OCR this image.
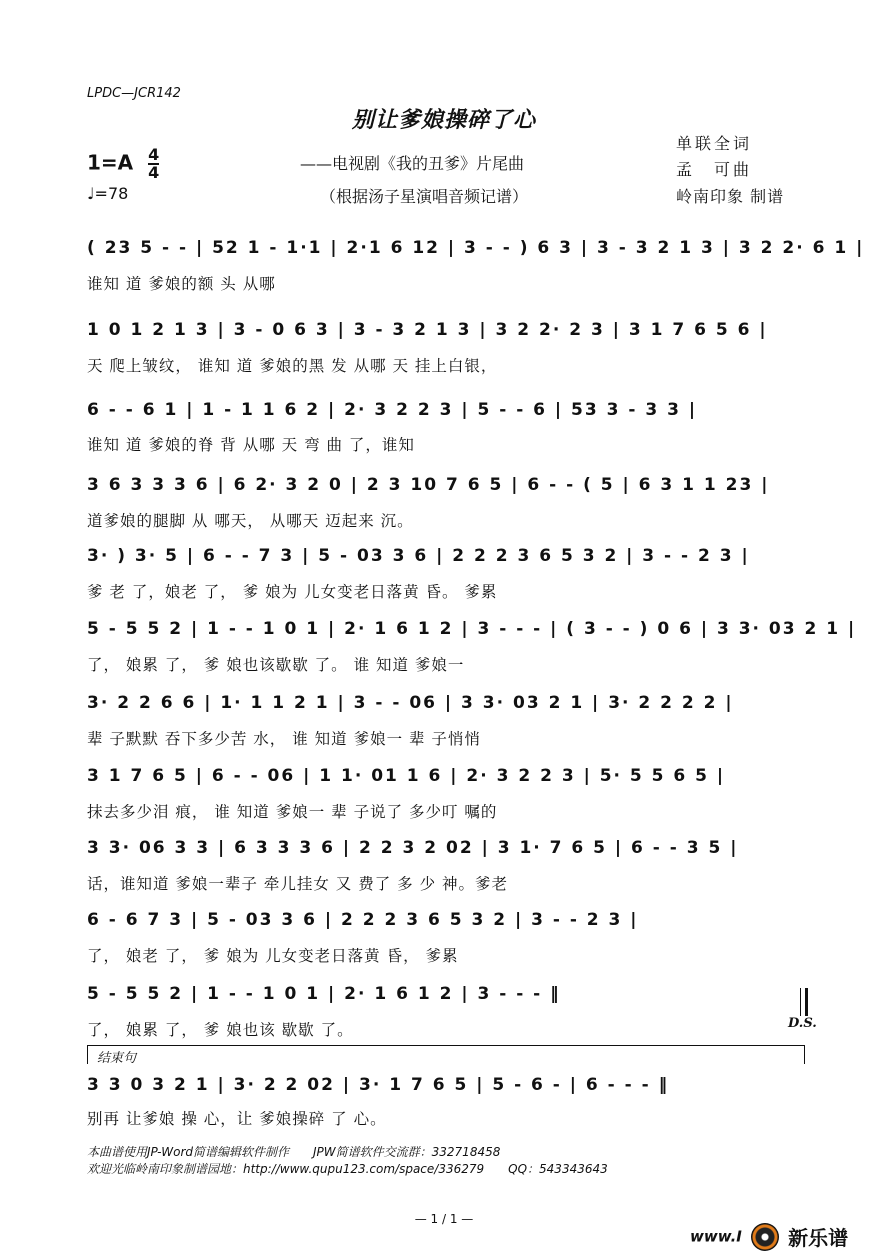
LPDC—JCR142
别让爹娘操碎了心
$1=A \frac{4}{4}$	——电视剧《我的丑爹》片尾曲
♩=78	（根据汤子星演唱音频记谱）
单联全词
孟　可曲
岭南印象 制谱
( 23 5 - - | 52 1 - 1·1 | 2·1 6 12 | 3 - - ) 6 3 | 3 - 3 2 1 3 | 3 2 2· 6 1 |
谁知 道 爹娘的额 头 从哪
1 0 1 2 1 3 | 3 - 0 6 3 | 3 - 3 2 1 3 | 3 2 2· 2 3 | 3 1 7 6 5 6 |
天 爬上皱纹， 谁知 道 爹娘的黑 发 从哪 天 挂上白银，
6 - - 6 1 | 1 - 1 1 6 2 | 2· 3 2 2 3 | 5 - - 6 | 53 3 - 3 3 |
谁知 道 爹娘的脊 背 从哪 天 弯 曲 了，谁知
3 6 3 3 3 6 | 6 2· 3 2 0 | 2 3 10 7 6 5 | 6 - - ( 5 | 6 3 1 1 23 |
道爹娘的腿脚 从 哪天， 从哪天 迈起来 沉。
3· ) 3· 5 | 6 - - 7 3 | 5 - 03 3 6 | 2 2 2 3 6 5 3 2 | 3 - - 2 3 |
爹 老 了，娘老 了， 爹 娘为 儿女变老日落黄 昏。 爹累
5 - 5 5 2 | 1 - - 1 0 1 | 2· 1 6 1 2 | 3 - - - | ( 3 - - ) 0 6 | 3 3· 03 2 1 |
了， 娘累 了， 爹 娘也该歇歇 了。 谁 知道 爹娘一
3· 2 2 6 6 | 1· 1 1 2 1 | 3 - - 06 | 3 3· 03 2 1 | 3· 2 2 2 2 |
辈 子默默 吞下多少苦 水， 谁 知道 爹娘一 辈 子悄悄
3 1 7 6 5 | 6 - - 06 | 1 1· 01 1 6 | 2· 3 2 2 3 | 5· 5 5 6 5 |
抹去多少泪 痕， 谁 知道 爹娘一 辈 子说了 多少叮 嘱的
3 3· 06 3 3 | 6 3 3 3 6 | 2 2 3 2 02 | 3 1· 7 6 5 | 6 - - 3 5 |
话，谁知道 爹娘一辈子 牵儿挂女 又 费了 多 少 神。爹老
6 - 6 7 3 | 5 - 03 3 6 | 2 2 2 3 6 5 3 2 | 3 - - 2 3 |
了， 娘老 了， 爹 娘为 儿女变老日落黄 昏， 爹累
5 - 5 5 2 | 1 - - 1 0 1 | 2· 1 6 1 2 | 3 - - - ‖
了， 娘累 了， 爹 娘也该 歇歇 了。	D.S.
结束句
3 3 0 3 2 1 | 3· 2 2 02 | 3· 1 7 6 5 | 5 - 6 - | 6 - - - ‖
别再 让爹娘 操 心，让 爹娘操碎 了 心。
本曲谱使用JP-Word简谱编辑软件制作　　JPW简谱软件交流群：332718458
欢迎光临岭南印象制谱园地：http://www.qupu123.com/space/336279　　QQ：543343643
— 1 / 1 —
www.I 新乐谱
